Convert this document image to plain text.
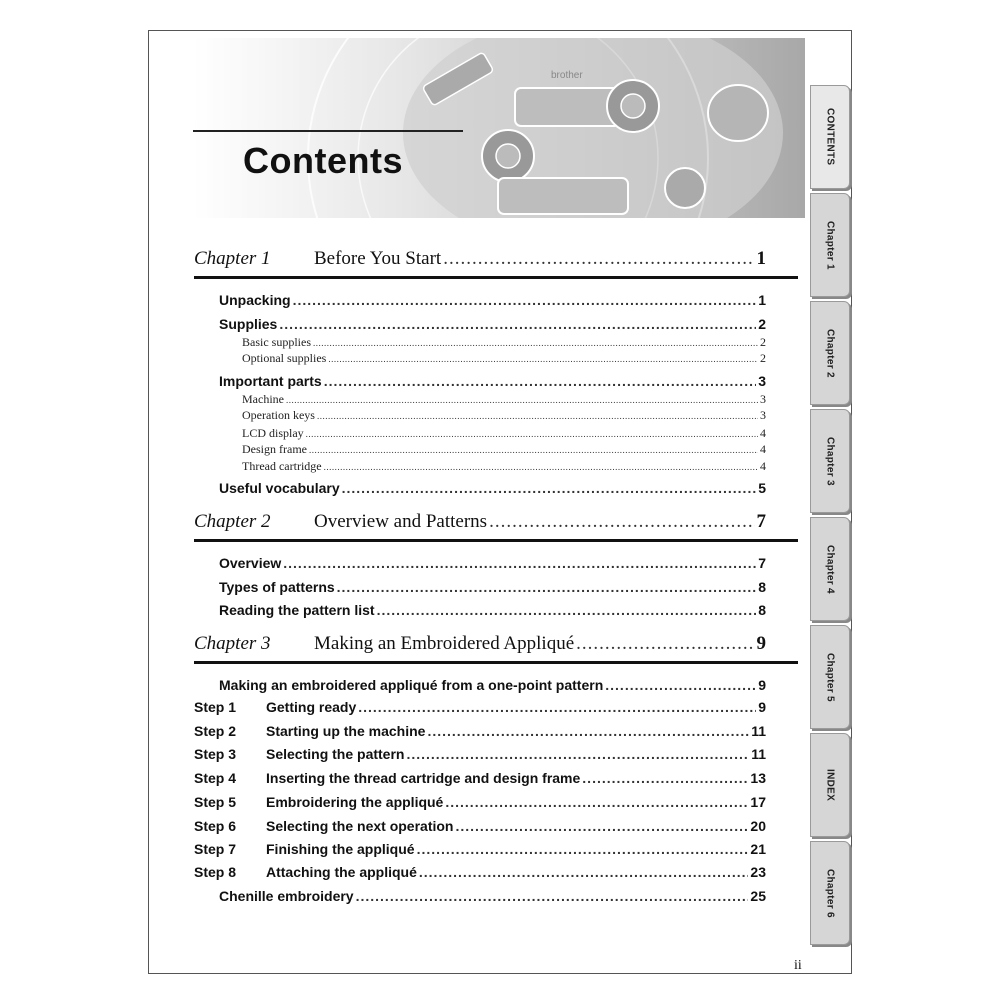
brother
Contents
Chapter 1	Before You Start .....	1
Unpacking .....	1
Supplies .....	2
Basic supplies .....	2
Optional supplies .....	2
Important parts .....	3
Machine .....	3
Operation keys .....	3
LCD display .....	4
Design frame .....	4
Thread cartridge .....	4
Useful vocabulary .....	5
Chapter 2	Overview and Patterns .....	7
Overview .....	7
Types of patterns .....	8
Reading the pattern list .....	8
Chapter 3	Making an Embroidered Appliqué .....	9
Making an embroidered appliqué from a one-point pattern .....	9
Step 1	Getting ready .....	9
Step 2	Starting up the machine .....	11
Step 3	Selecting the pattern .....	11
Step 4	Inserting the thread cartridge and design frame .....	13
Step 5	Embroidering the appliqué .....	17
Step 6	Selecting the next operation .....	20
Step 7	Finishing the appliqué .....	21
Step 8	Attaching the appliqué .....	23
Chenille embroidery .....	25
CONTENTS
Chapter 1
Chapter 2
Chapter 3
Chapter 4
Chapter 5
INDEX
Chapter 6
ii
